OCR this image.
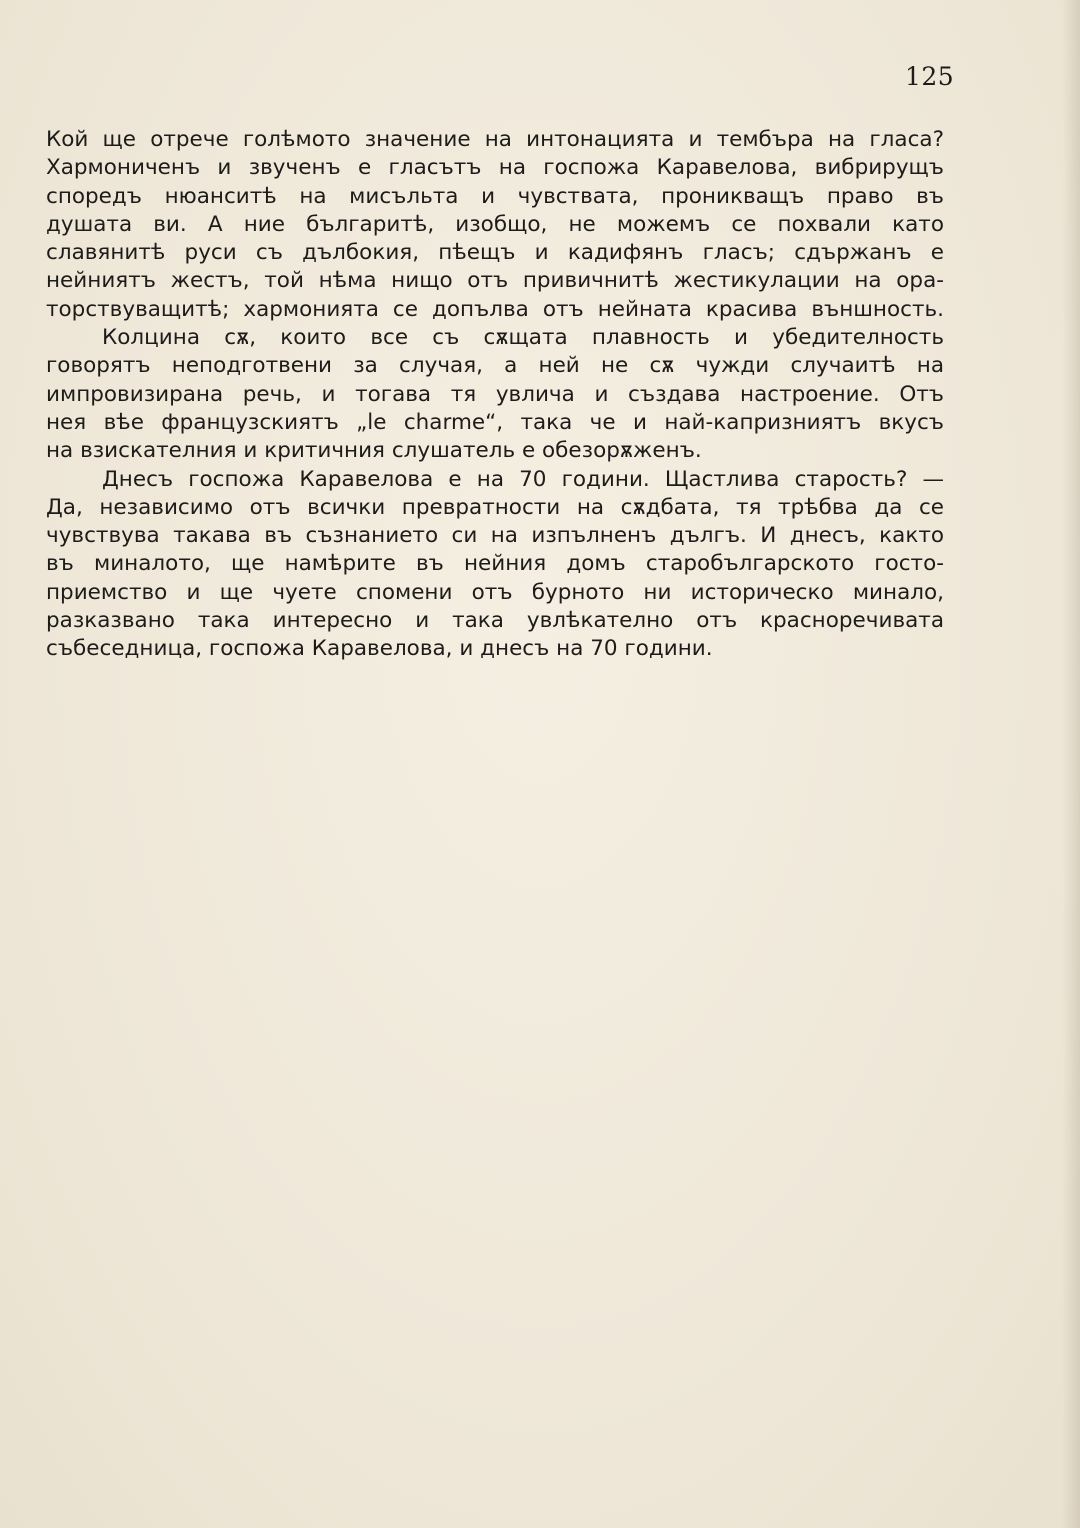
125
Кой ще отрече голѣмото значение на интонацията и тембъра на гласа?
Хармониченъ и звученъ е гласътъ на госпожа Каравелова, вибрирущъ
споредъ нюанситѣ на мисъльта и чувствата, проникващъ право въ
душата ви. А ние българитѣ, изобщо, не можемъ се похвали като
славянитѣ руси съ дълбокия, пѣещъ и кадифянъ гласъ; сдържанъ е
нейниятъ жестъ, той нѣма нищо отъ привичнитѣ жестикулации на ора-
торствуващитѣ; хармонията се допълва отъ нейната красива външность.
Колцина сѫ, които все съ сѫщата плавность и убедителность
говорятъ неподготвени за случая, а ней не сѫ чужди случаитѣ на
импровизирана речь, и тогава тя увлича и създава настроение. Отъ
нея вѣе французскиятъ „le charme“, така че и най-капризниятъ вкусъ
на взискателния и критичния слушатель е обезорѫженъ.
Днесъ госпожа Каравелова е на 70 години. Щастлива старость? —
Да, независимо отъ всички превратности на сѫдбата, тя трѣбва да се
чувствува такава въ съзнанието си на изпълненъ дългъ. И днесъ, както
въ миналото, ще намѣрите въ нейния домъ старобългарското госто-
приемство и ще чуете спомени отъ бурното ни историческо минало,
разказвано така интересно и така увлѣкателно отъ красноречивата
събеседница, госпожа Каравелова, и днесъ на 70 години.
